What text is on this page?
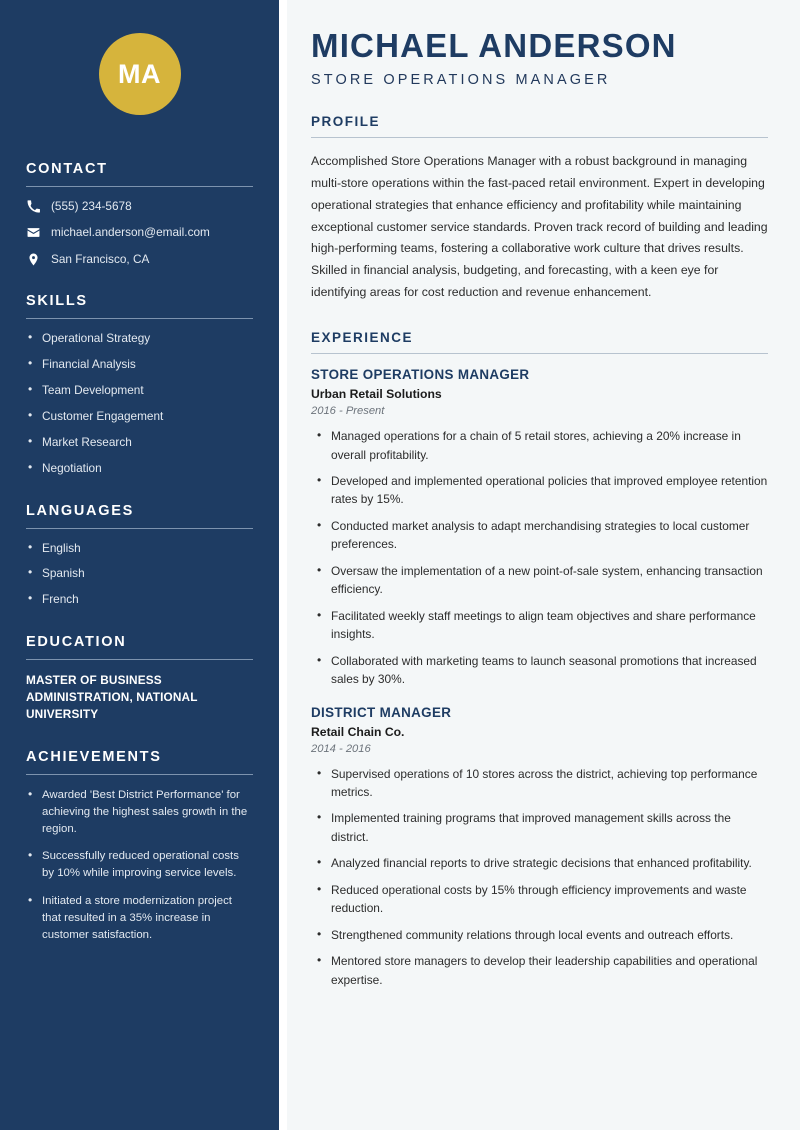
MA
CONTACT
(555) 234-5678
michael.anderson@email.com
San Francisco, CA
SKILLS
• Operational Strategy
• Financial Analysis
• Team Development
• Customer Engagement
• Market Research
• Negotiation
LANGUAGES
• English
• Spanish
• French
EDUCATION
MASTER OF BUSINESS ADMINISTRATION, NATIONAL UNIVERSITY
ACHIEVEMENTS
• Awarded 'Best District Performance' for achieving the highest sales growth in the region.
• Successfully reduced operational costs by 10% while improving service levels.
• Initiated a store modernization project that resulted in a 35% increase in customer satisfaction.
MICHAEL ANDERSON
STORE OPERATIONS MANAGER
PROFILE

Accomplished Store Operations Manager with a robust background in managing multi-store operations within the fast-paced retail environment. Expert in developing operational strategies that enhance efficiency and profitability while maintaining exceptional customer service standards. Proven track record of building and leading high-performing teams, fostering a collaborative work culture that drives results. Skilled in financial analysis, budgeting, and forecasting, with a keen eye for identifying areas for cost reduction and revenue enhancement.

EXPERIENCE
STORE OPERATIONS MANAGER
Urban Retail Solutions
2016 - Present
• Managed operations for a chain of 5 retail stores, achieving a 20% increase in overall profitability.
• Developed and implemented operational policies that improved employee retention rates by 15%.
• Conducted market analysis to adapt merchandising strategies to local customer preferences.
• Oversaw the implementation of a new point-of-sale system, enhancing transaction efficiency.
• Facilitated weekly staff meetings to align team objectives and share performance insights.
• Collaborated with marketing teams to launch seasonal promotions that increased sales by 30%.
DISTRICT MANAGER
Retail Chain Co.
2014 - 2016
• Supervised operations of 10 stores across the district, achieving top performance metrics.
• Implemented training programs that improved management skills across the district.
• Analyzed financial reports to drive strategic decisions that enhanced profitability.
• Reduced operational costs by 15% through efficiency improvements and waste reduction.
• Strengthened community relations through local events and outreach efforts.
• Mentored store managers to develop their leadership capabilities and operational expertise.
